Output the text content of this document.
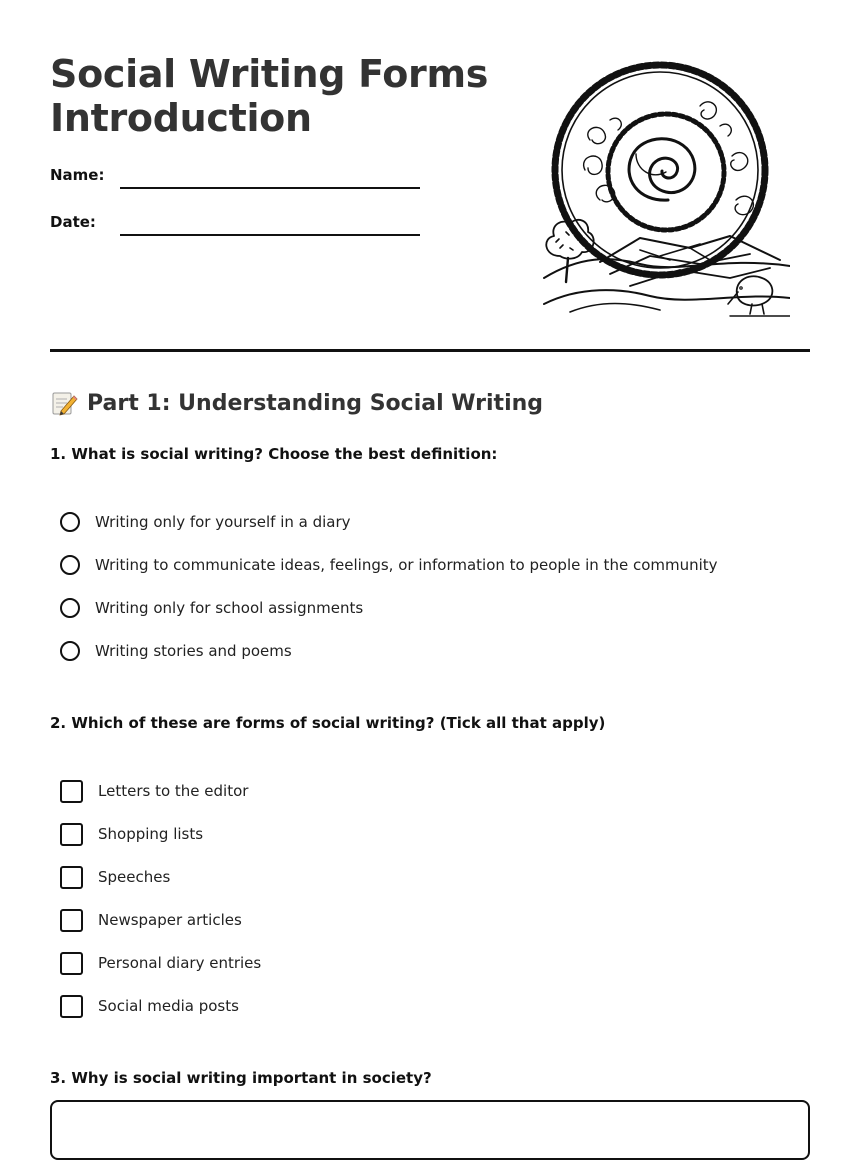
Social Writing Forms
Introduction
Name:
Date:
Part 1: Understanding Social Writing

1. What is social writing? Choose the best definition:

Writing only for yourself in a diary
Writing to communicate ideas, feelings, or information to people in the community
Writing only for school assignments
Writing stories and poems

2. Which of these are forms of social writing? (Tick all that apply)

Letters to the editor
Shopping lists
Speeches
Newspaper articles
Personal diary entries
Social media posts

3. Why is social writing important in society?
